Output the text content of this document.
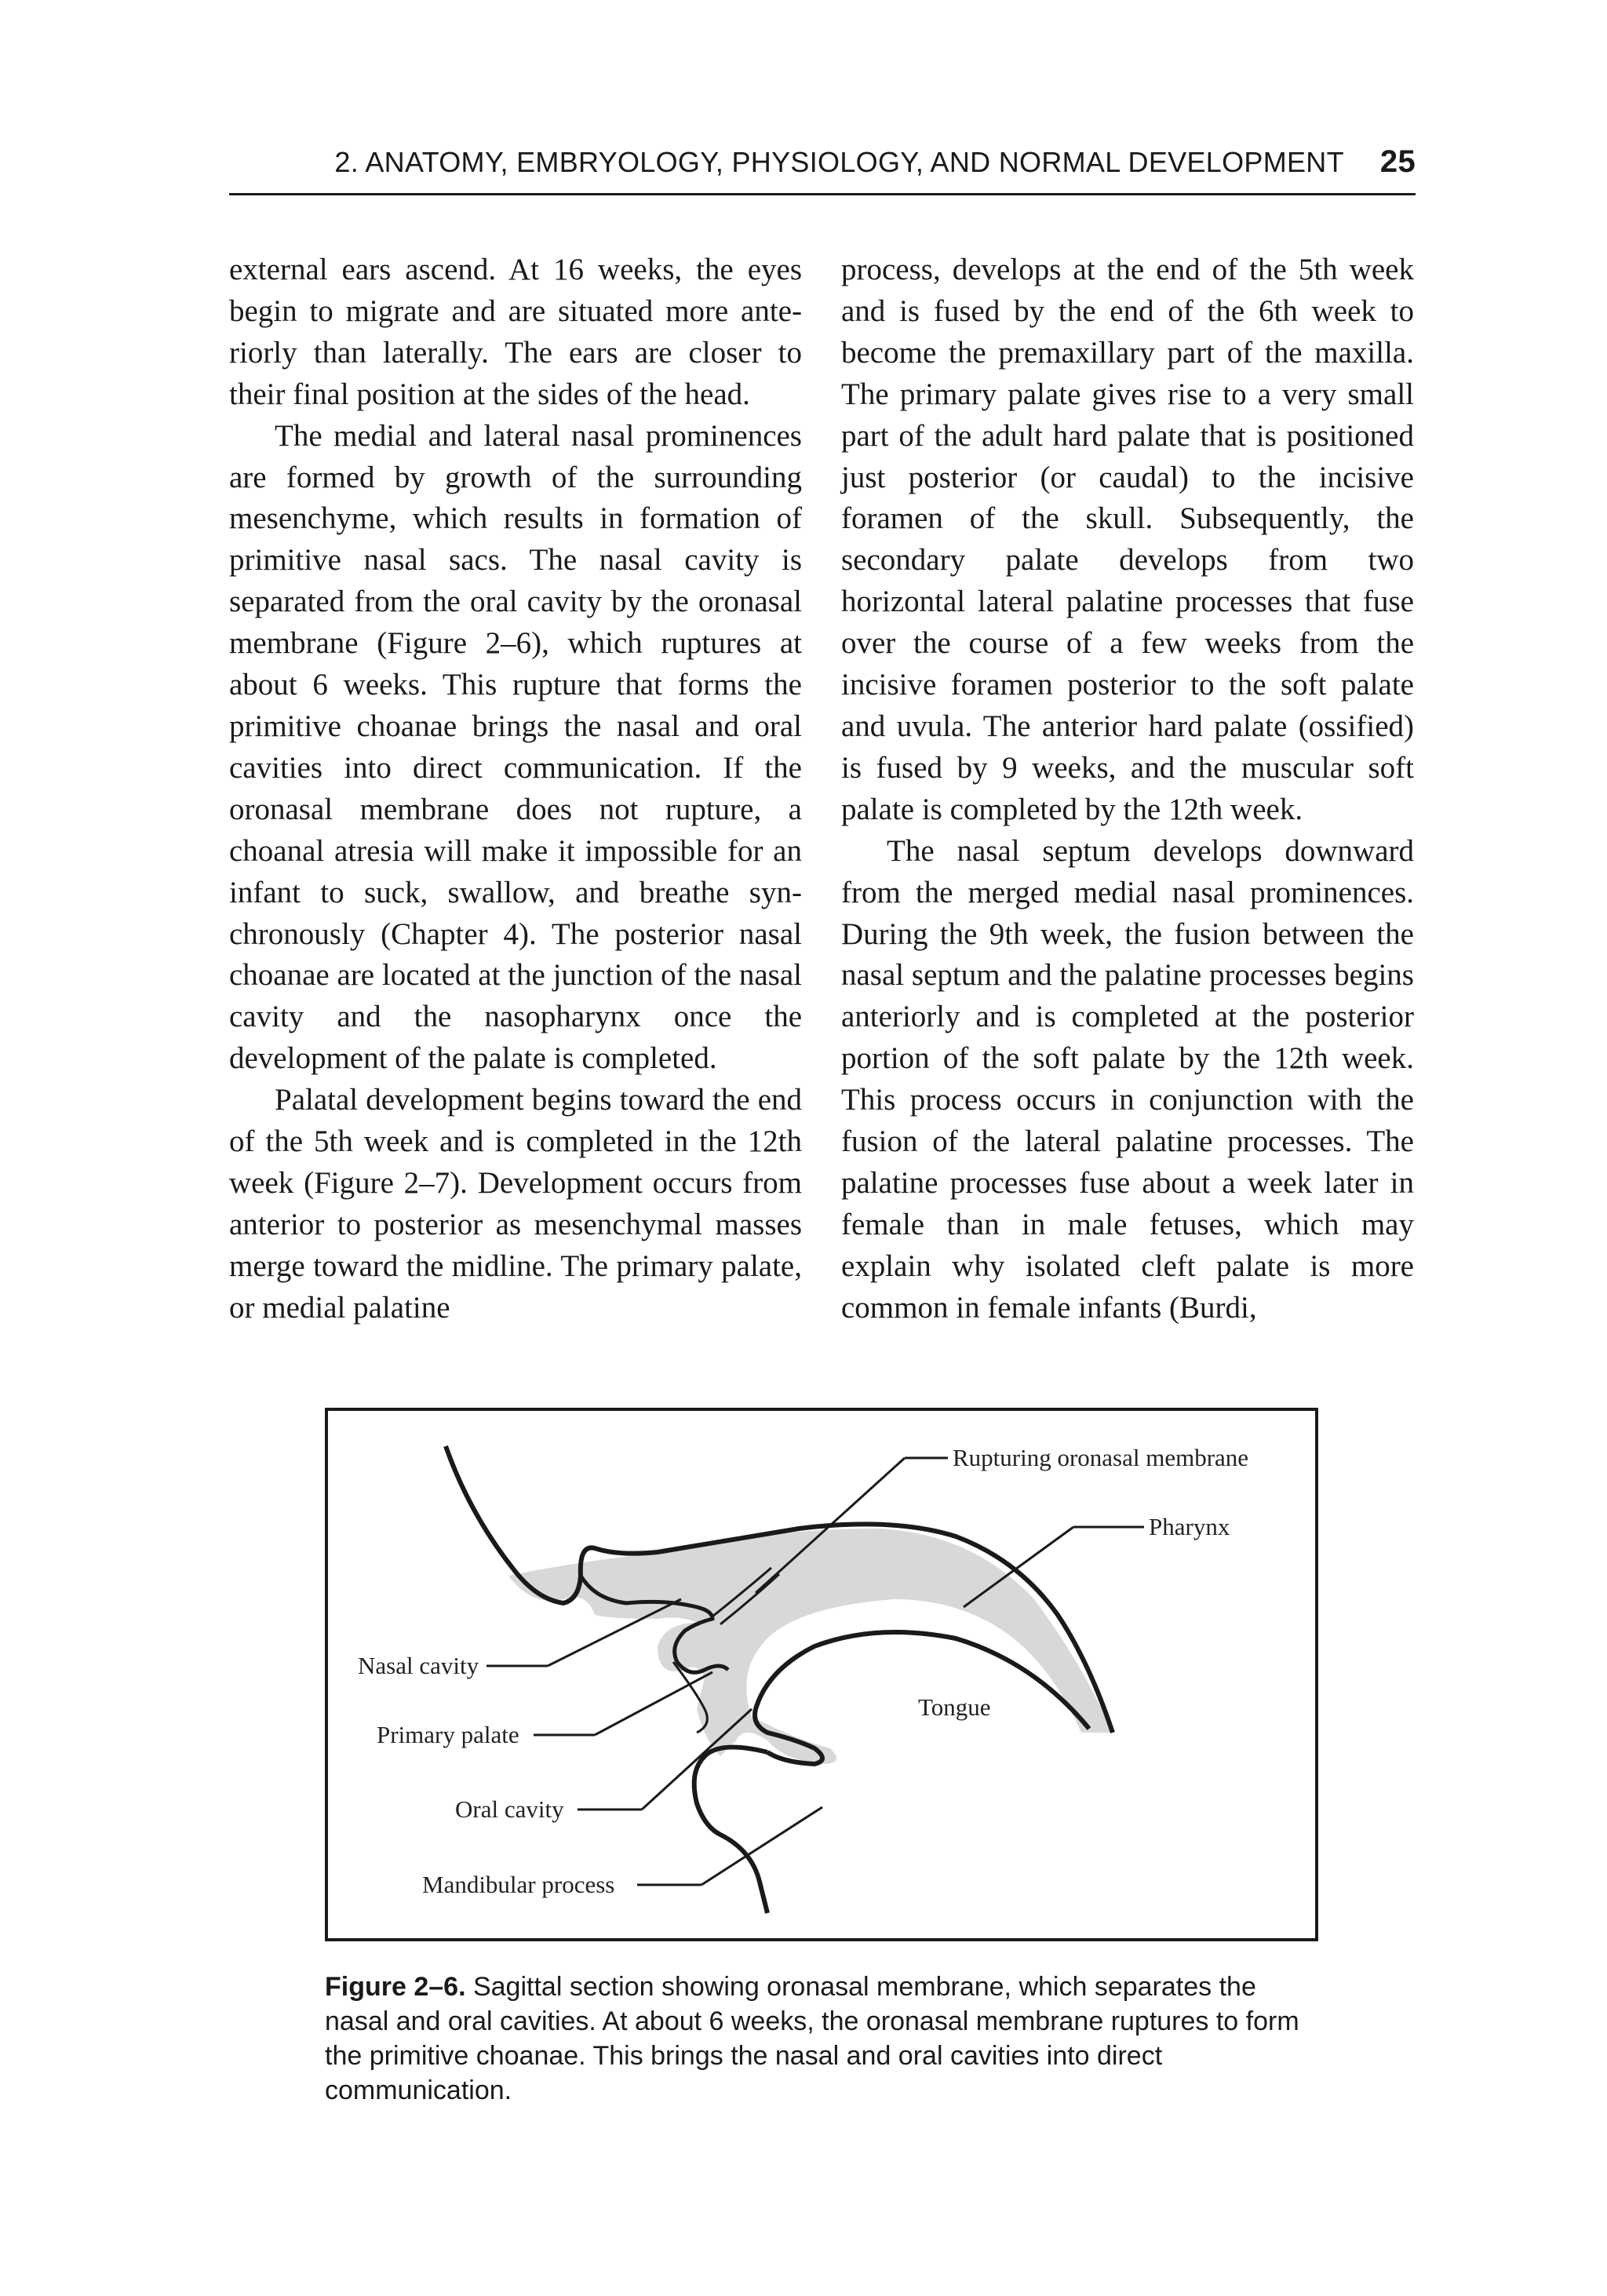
2. ANATOMY, EMBRYOLOGY, PHYSIOLOGY, AND NORMAL DEVELOPMENT 25

external ears ascend. At 16 weeks, the eyes begin to migrate and are situated more anteriorly than laterally. The ears are closer to their final position at the sides of the head.

The medial and lateral nasal prominences are formed by growth of the surrounding mesenchyme, which results in formation of primitive nasal sacs. The nasal cavity is separated from the oral cavity by the oronasal membrane (Figure 2–6), which ruptures at about 6 weeks. This rupture that forms the primitive choanae brings the nasal and oral cavities into direct communication. If the oronasal membrane does not rupture, a choanal atresia will make it impossible for an infant to suck, swallow, and breathe synchronously (Chapter 4). The posterior nasal choanae are located at the junction of the nasal cavity and the nasopharynx once the development of the palate is completed.

Palatal development begins toward the end of the 5th week and is completed in the 12th week (Figure 2–7). Development occurs from anterior to posterior as mesenchymal masses merge toward the midline. The primary palate, or medial palatine

process, develops at the end of the 5th week and is fused by the end of the 6th week to become the premaxillary part of the maxilla. The primary palate gives rise to a very small part of the adult hard palate that is positioned just posterior (or caudal) to the incisive foramen of the skull. Subsequently, the secondary palate develops from two horizontal lateral palatine processes that fuse over the course of a few weeks from the incisive foramen posterior to the soft palate and uvula. The anterior hard palate (ossified) is fused by 9 weeks, and the muscular soft palate is completed by the 12th week.

The nasal septum develops downward from the merged medial nasal prominences. During the 9th week, the fusion between the nasal septum and the palatine processes begins anteriorly and is completed at the posterior portion of the soft palate by the 12th week. This process occurs in conjunction with the fusion of the lateral palatine processes. The palatine processes fuse about a week later in female than in male fetuses, which may explain why isolated cleft palate is more common in female infants (Burdi,

Rupturing oronasal membrane
Pharynx
Nasal cavity
Primary palate
Oral cavity
Mandibular process
Tongue
Figure 2–6. Sagittal section showing oronasal membrane, which separates the nasal and oral cavities. At about 6 weeks, the oronasal membrane ruptures to form the primitive choanae. This brings the nasal and oral cavities into direct communication.
